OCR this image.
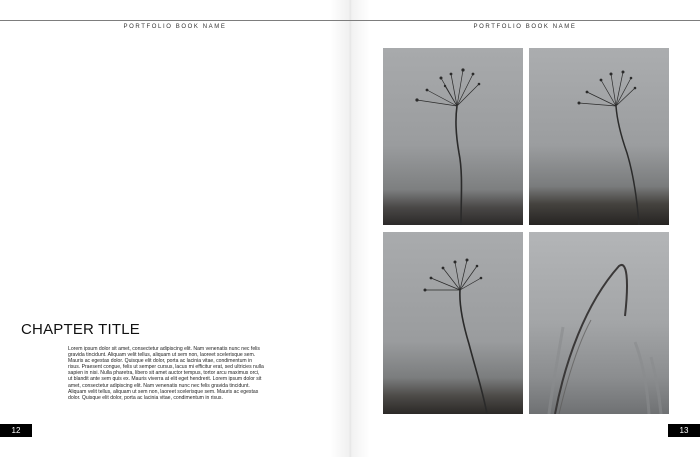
PORTFOLIO BOOK NAME	PORTFOLIO BOOK NAME
CHAPTER TITLE
Lorem ipsum dolor sit amet, consectetur adipiscing elit. Nam venenatis nunc nec felis gravida tincidunt. Aliquam velit tellus, aliquam ut sem non, laoreet scelerisque sem. Mauris ac egestas dolor. Quisque elit dolor, porta ac lacinia vitae, condimentum in risus. Praesent congue, felis ut semper cursus, lacus mi efficitur erat, sed ultricies nulla sapien in nisi. Nulla pharetra, libero sit amet auctor tempus, tortor arcu maximus orci, ut blandit ante sem quis ex. Mauris viverra at elit eget hendrerit. Lorem ipsum dolor sit amet, consectetur adipiscing elit. Nam venenatis nunc nec felis gravida tincidunt. Aliquam velit tellus, aliquam ut sem non, laoreet scelerisque sem. Mauris ac egestas dolor. Quisque elit dolor, porta ac lacinia vitae, condimentum in risus.
12	13
